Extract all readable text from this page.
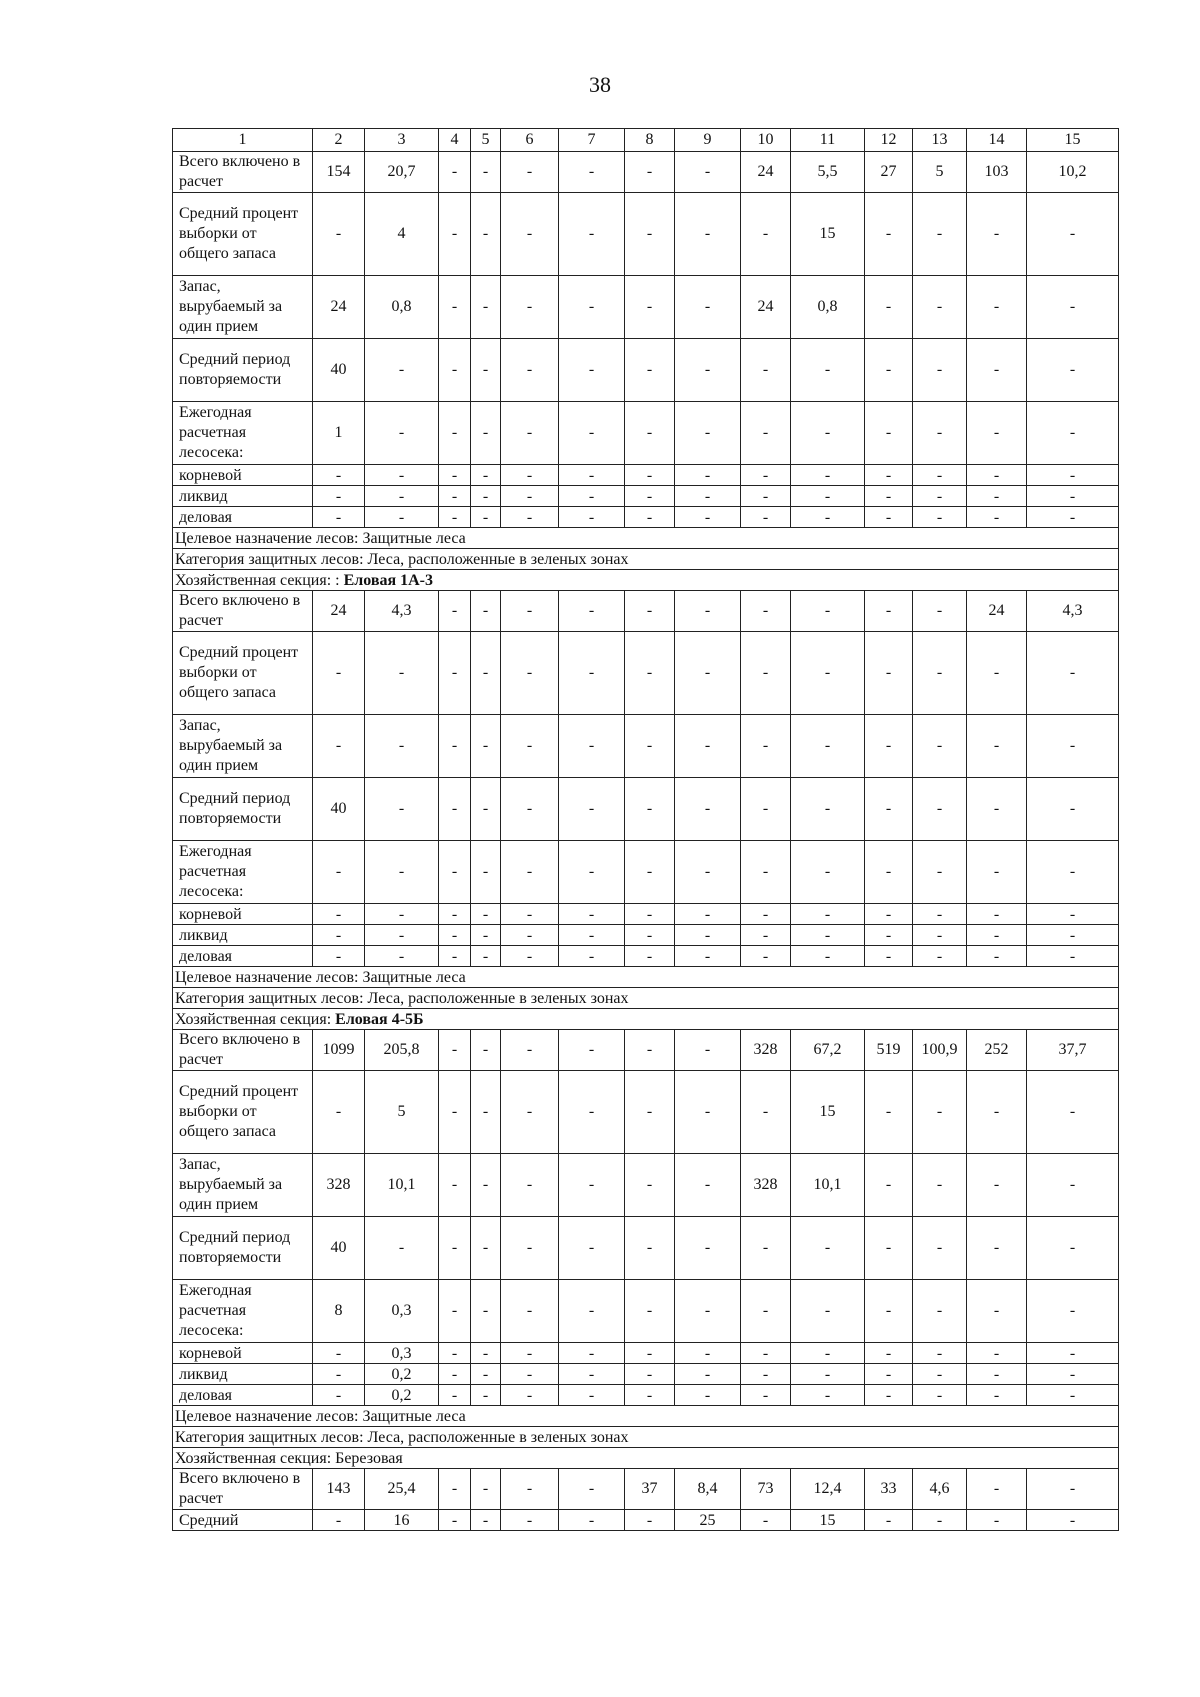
38
1	2	3	4	5	6	7	8	9	10	11	12	13	14	15
Всего включено в расчет	154	20,7	-	-	-	-	-	-	24	5,5	27	5	103	10,2
Средний процент выборки от общего запаса	-	4	-	-	-	-	-	-	-	15	-	-	-	-
Запас, вырубаемый за один прием	24	0,8	-	-	-	-	-	-	24	0,8	-	-	-	-
Средний период повторяемости	40	-	-	-	-	-	-	-	-	-	-	-	-	-
Ежегодная расчетная лесосека:	1	-	-	-	-	-	-	-	-	-	-	-	-	-
корневой	-	-	-	-	-	-	-	-	-	-	-	-	-	-
ликвид	-	-	-	-	-	-	-	-	-	-	-	-	-	-
деловая	-	-	-	-	-	-	-	-	-	-	-	-	-	-
Целевое назначение лесов: Защитные леса														
Категория защитных лесов: Леса, расположенные в зеленых зонах														
Хозяйственная секция: : Еловая 1А-3														
Всего включено в расчет	24	4,3	-	-	-	-	-	-	-	-	-	-	24	4,3
Средний процент выборки от общего запаса	-	-	-	-	-	-	-	-	-	-	-	-	-	-
Запас, вырубаемый за один прием	-	-	-	-	-	-	-	-	-	-	-	-	-	-
Средний период повторяемости	40	-	-	-	-	-	-	-	-	-	-	-	-	-
Ежегодная расчетная лесосека:	-	-	-	-	-	-	-	-	-	-	-	-	-	-
корневой	-	-	-	-	-	-	-	-	-	-	-	-	-	-
ликвид	-	-	-	-	-	-	-	-	-	-	-	-	-	-
деловая	-	-	-	-	-	-	-	-	-	-	-	-	-	-
Целевое назначение лесов: Защитные леса														
Категория защитных лесов: Леса, расположенные в зеленых зонах														
Хозяйственная секция: Еловая 4-5Б														
Всего включено в расчет	1099	205,8	-	-	-	-	-	-	328	67,2	519	100,9	252	37,7
Средний процент выборки от общего запаса	-	5	-	-	-	-	-	-	-	15	-	-	-	-
Запас, вырубаемый за один прием	328	10,1	-	-	-	-	-	-	328	10,1	-	-	-	-
Средний период повторяемости	40	-	-	-	-	-	-	-	-	-	-	-	-	-
Ежегодная расчетная лесосека:	8	0,3	-	-	-	-	-	-	-	-	-	-	-	-
корневой	-	0,3	-	-	-	-	-	-	-	-	-	-	-	-
ликвид	-	0,2	-	-	-	-	-	-	-	-	-	-	-	-
деловая	-	0,2	-	-	-	-	-	-	-	-	-	-	-	-
Целевое назначение лесов: Защитные леса														
Категория защитных лесов: Леса, расположенные в зеленых зонах														
Хозяйственная секция: Березовая														
Всего включено в расчет	143	25,4	-	-	-	-	37	8,4	73	12,4	33	4,6	-	-
Средний	-	16	-	-	-	-	-	25	-	15	-	-	-	-
